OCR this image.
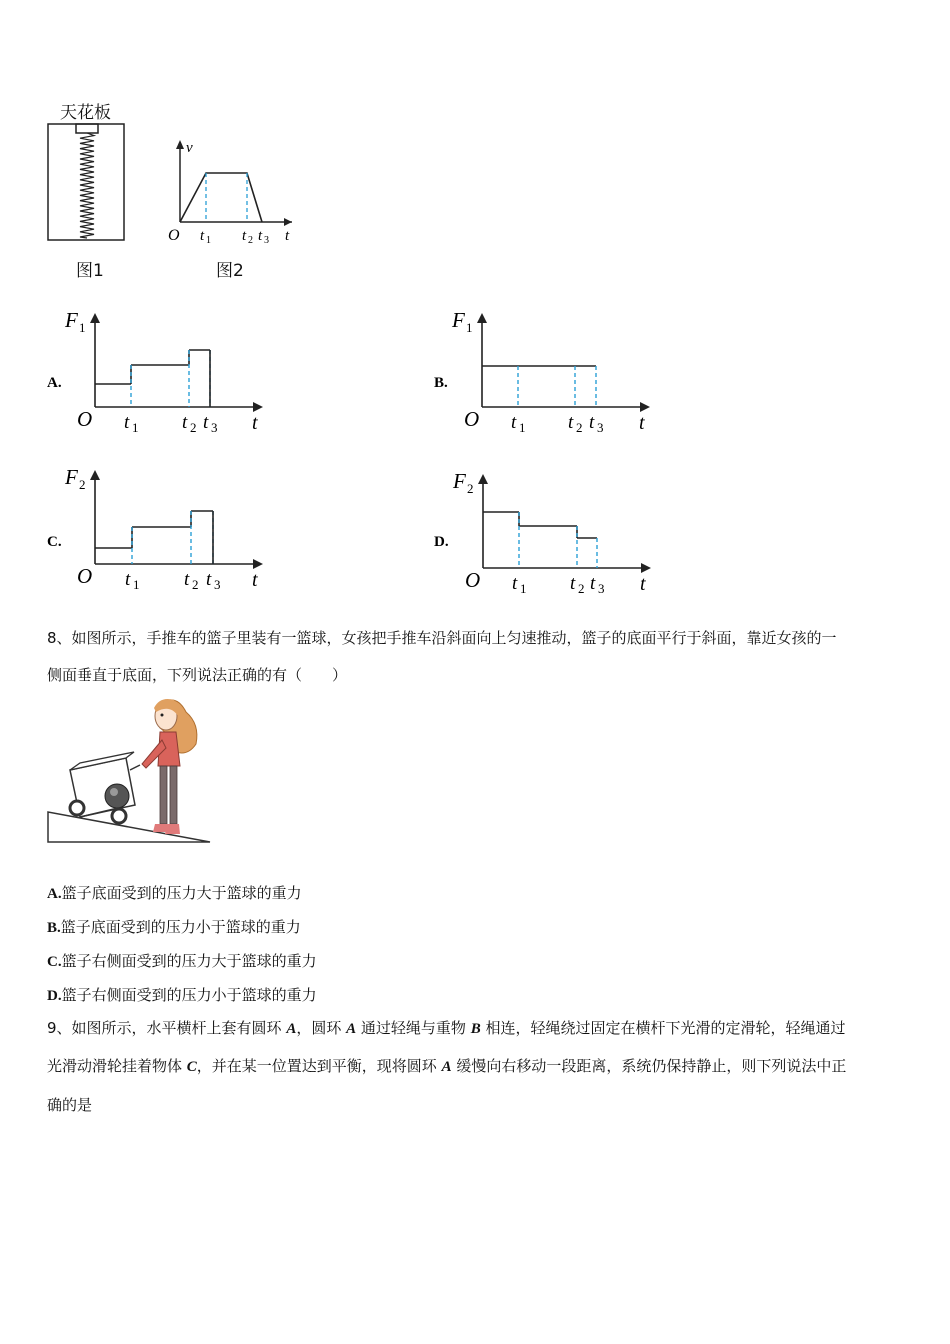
天花板
图1
v
O t 1 t 2 t 3 t
图2
A.
F 1
O t 1 t 2 t 3 t
B.
F 1
O t 1 t 2 t 3 t
C.
F 2
O t 1 t 2 t 3 t
D.
F 2
O t 1 t 2 t 3 t
8、如图所示，手推车的篮子里装有一篮球，女孩把手推车沿斜面向上匀速推动，篮子的底面平行于斜面，靠近女孩的一
侧面垂直于底面，下列说法正确的有（　　）
A.篮子底面受到的压力大于篮球的重力
B.篮子底面受到的压力小于篮球的重力
C.篮子右侧面受到的压力大于篮球的重力
D.篮子右侧面受到的压力小于篮球的重力
9、如图所示，水平横杆上套有圆环 A，圆环 A 通过轻绳与重物 B 相连，轻绳绕过固定在横杆下光滑的定滑轮，轻绳通过
光滑动滑轮挂着物体 C，并在某一位置达到平衡，现将圆环 A 缓慢向右移动一段距离，系统仍保持静止，则下列说法中正
确的是
